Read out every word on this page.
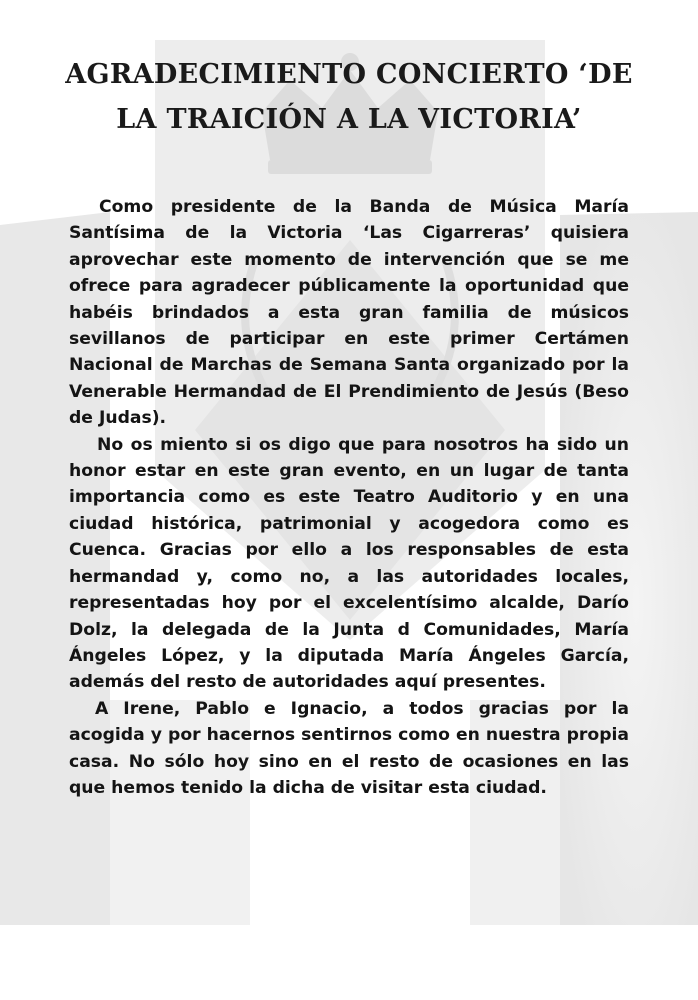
AGRADECIMIENTO CONCIERTO ‘DE
LA TRAICIÓN A LA VICTORIA’

Como presidente de la Banda de Música María Santísima de la Victoria ‘Las Cigarreras’ quisiera aprovechar este momento de intervención que se me ofrece para agradecer públicamente la oportunidad que habéis brindados a esta gran familia de músicos sevillanos de participar en este primer Certámen Nacional de Marchas de Semana Santa organizado por la Venerable Hermandad de El Prendimiento de Jesús (Beso de Judas).

No os miento si os digo que para nosotros ha sido un honor estar en este gran evento, en un lugar de tanta importancia como es este Teatro Auditorio y en una ciudad histórica, patrimonial y acogedora como es Cuenca. Gracias por ello a los responsables de esta hermandad y, como no, a las autoridades locales, representadas hoy por el excelentísimo alcalde, Darío Dolz, la delegada de la Junta d Comunidades, María Ángeles López, y la diputada María Ángeles García, además del resto de autoridades aquí presentes.

A Irene, Pablo e Ignacio, a todos gracias por la acogida y por hacernos sentirnos como en nuestra propia casa. No sólo hoy sino en el resto de ocasiones en las que hemos tenido la dicha de visitar esta ciudad.
